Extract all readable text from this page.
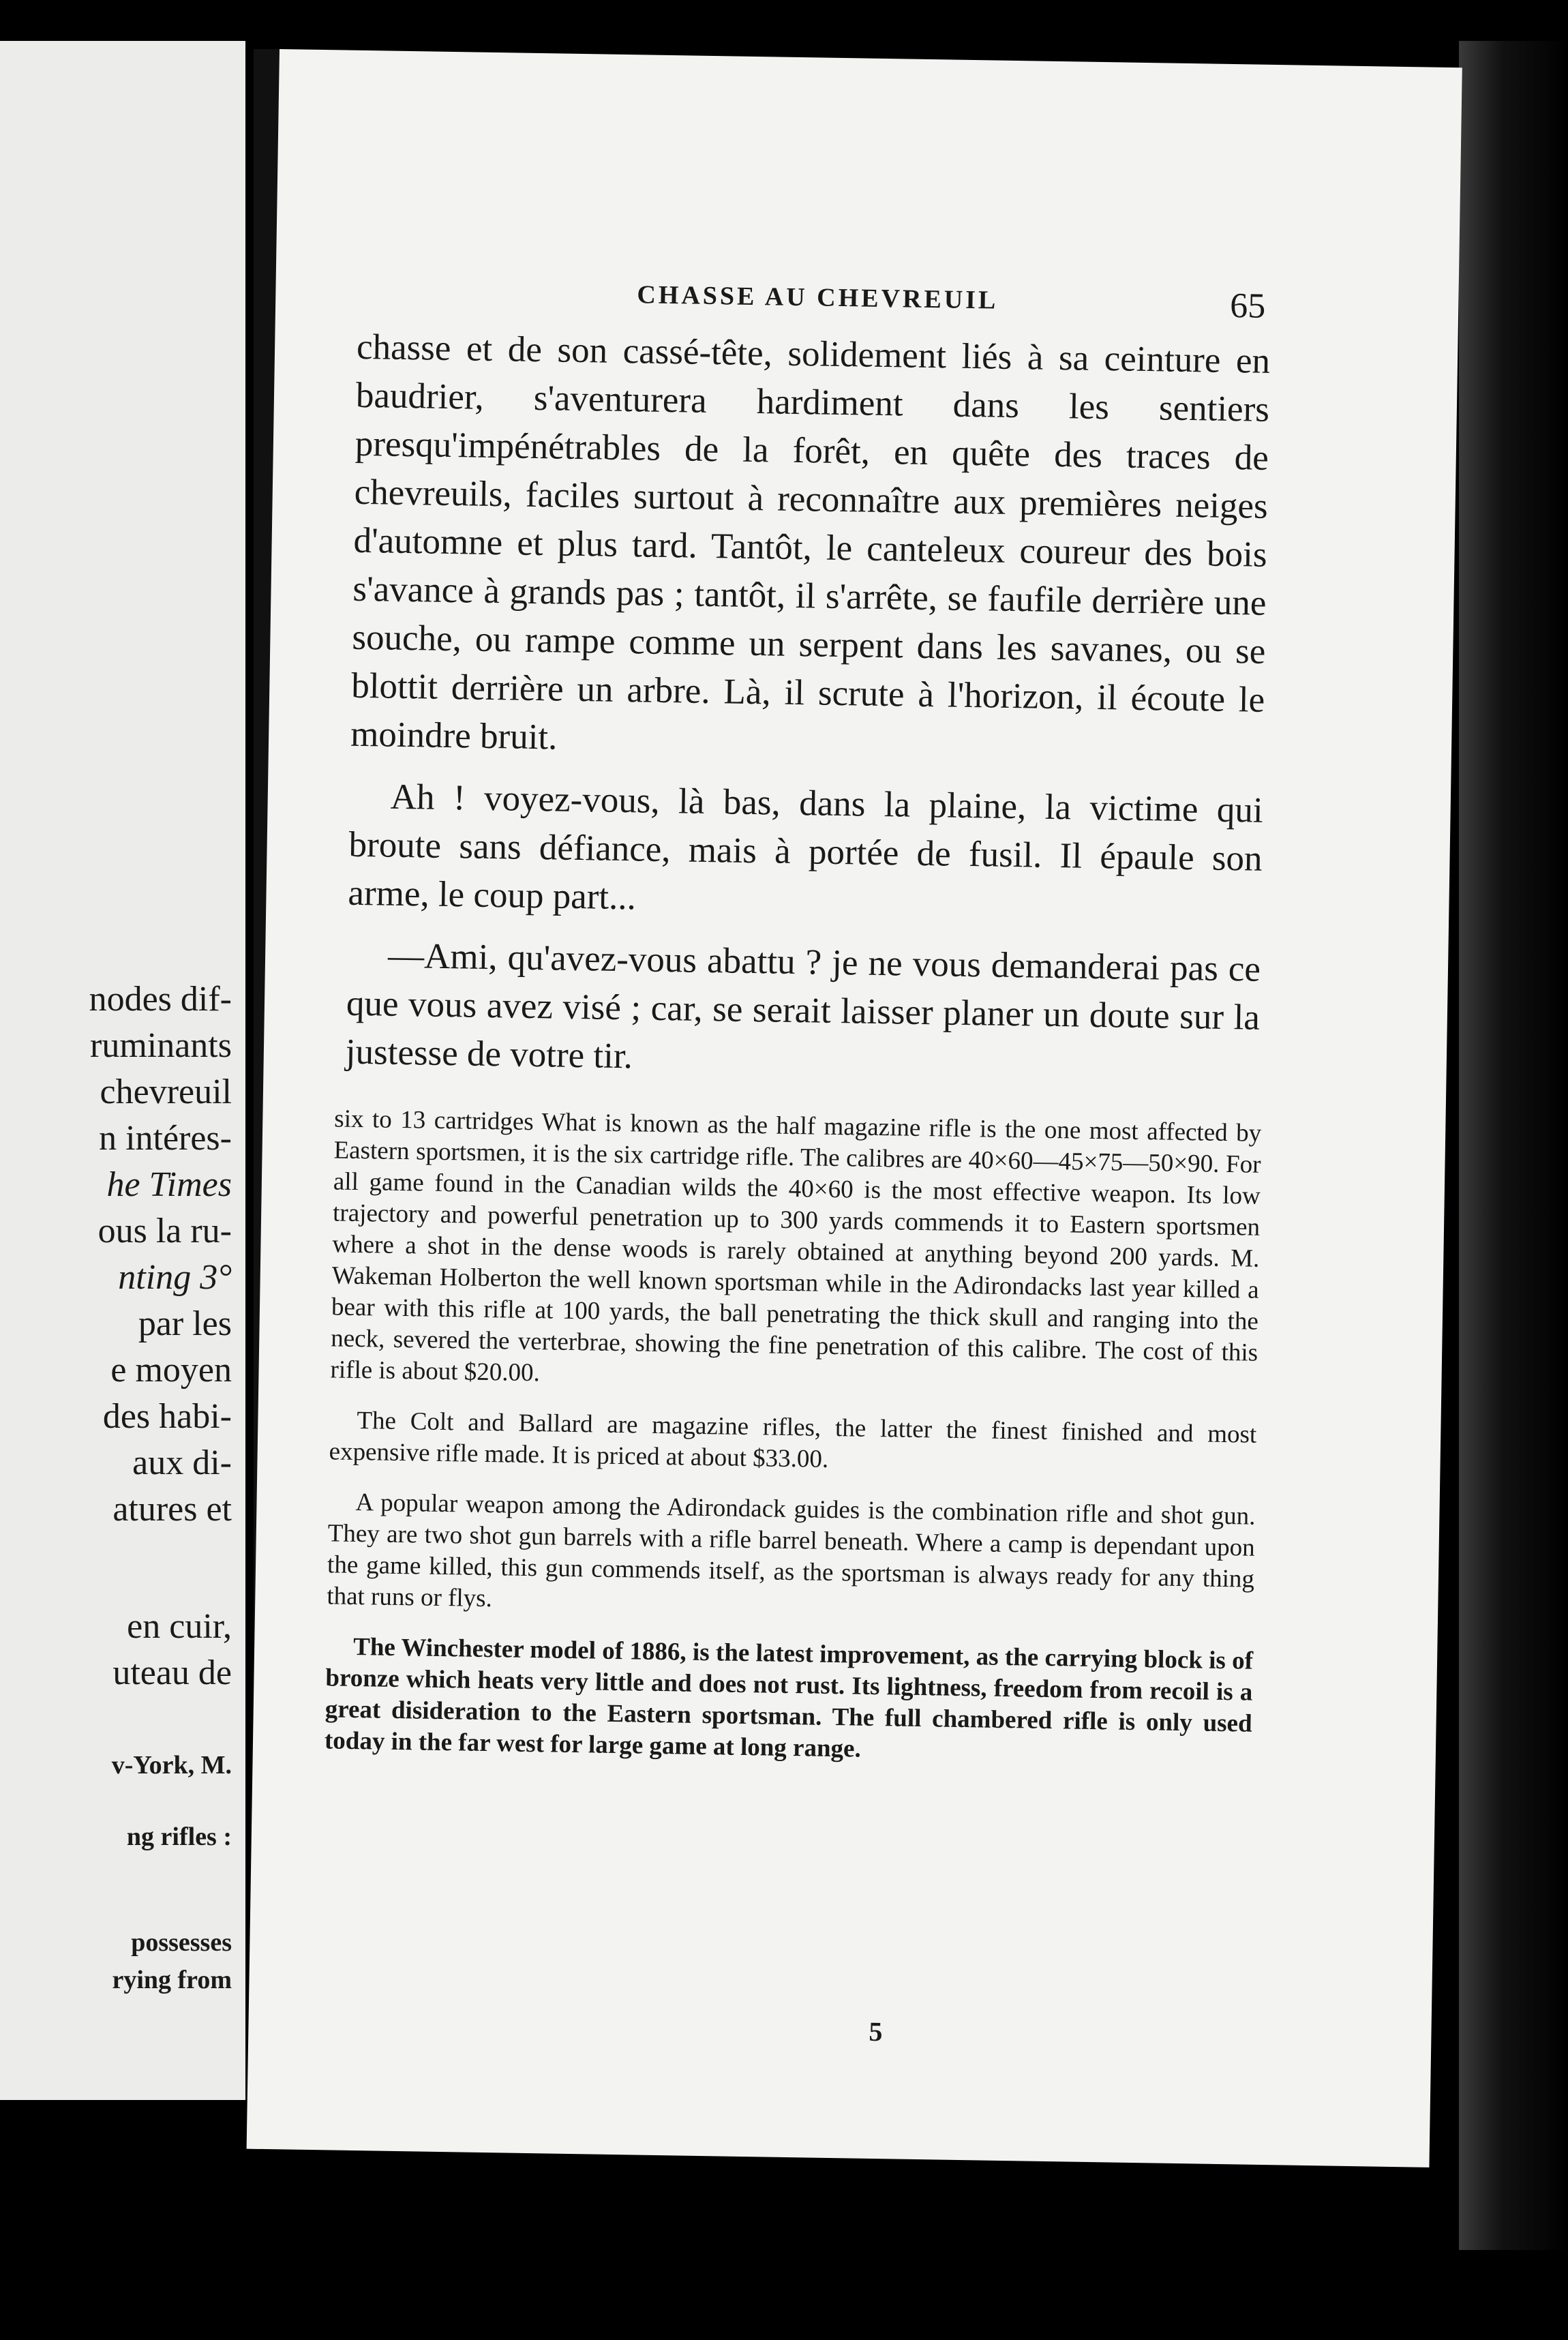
nodes dif-
ruminants
chevreuil
n intéres-
he Times
ous la ru-
nting 3°
par les
e moyen
des habi-
aux di-
atures et
en cuir,
uteau de
v-York, M.
ng rifles :
possesses
rying from
CHASSE AU CHEVREUIL	65

chasse et de son cassé-tête, solidement liés à sa ceinture en baudrier, s'aventurera hardiment dans les sentiers presqu'impénétrables de la forêt, en quête des traces de chevreuils, faciles surtout à reconnaître aux premières neiges d'automne et plus tard. Tantôt, le canteleux coureur des bois s'avance à grands pas ; tantôt, il s'arrête, se faufile derrière une souche, ou rampe comme un serpent dans les savanes, ou se blottit derrière un arbre. Là, il scrute à l'horizon, il écoute le moindre bruit.

Ah ! voyez-vous, là bas, dans la plaine, la victime qui broute sans défiance, mais à portée de fusil. Il épaule son arme, le coup part...

—Ami, qu'avez-vous abattu ? je ne vous demanderai pas ce que vous avez visé ; car, se serait laisser planer un doute sur la justesse de votre tir.

six to 13 cartridges What is known as the half magazine rifle is the one most affected by Eastern sportsmen, it is the six cartridge rifle. The calibres are 40×60—45×75—50×90. For all game found in the Canadian wilds the 40×60 is the most effective weapon. Its low trajectory and powerful penetration up to 300 yards commends it to Eastern sportsmen where a shot in the dense woods is rarely obtained at anything beyond 200 yards. M. Wakeman Holberton the well known sportsman while in the Adirondacks last year killed a bear with this rifle at 100 yards, the ball penetrating the thick skull and ranging into the neck, severed the verterbrae, showing the fine penetration of this calibre. The cost of this rifle is about $20.00.

The Colt and Ballard are magazine rifles, the latter the finest finished and most expensive rifle made. It is priced at about $33.00.

A popular weapon among the Adirondack guides is the combination rifle and shot gun. They are two shot gun barrels with a rifle barrel beneath. Where a camp is dependant upon the game killed, this gun commends itself, as the sportsman is always ready for any thing that runs or flys.

The Winchester model of 1886, is the latest improvement, as the carrying block is of bronze which heats very little and does not rust. Its lightness, freedom from recoil is a great disideration to the Eastern sportsman. The full chambered rifle is only used today in the far west for large game at long range.

5
